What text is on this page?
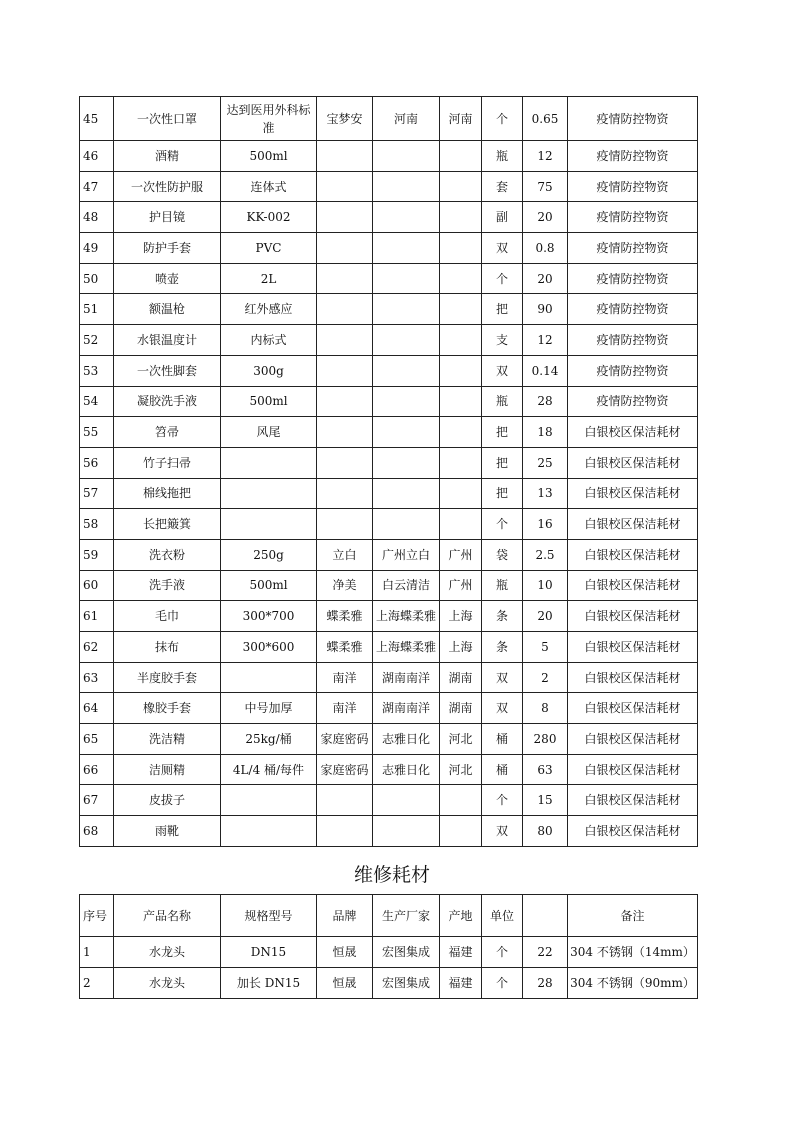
45	一次性口罩	达到医用外科标准	宝梦安	河南	河南	个	0.65	疫情防控物资
46	酒精	500ml				瓶	12	疫情防控物资
47	一次性防护服	连体式				套	75	疫情防控物资
48	护目镜	KK-002				副	20	疫情防控物资
49	防护手套	PVC				双	0.8	疫情防控物资
50	喷壶	2L				个	20	疫情防控物资
51	额温枪	红外感应				把	90	疫情防控物资
52	水银温度计	内标式				支	12	疫情防控物资
53	一次性脚套	300g				双	0.14	疫情防控物资
54	凝胶洗手液	500ml				瓶	28	疫情防控物资
55	笤帚	风尾				把	18	白银校区保洁耗材
56	竹子扫帚					把	25	白银校区保洁耗材
57	棉线拖把					把	13	白银校区保洁耗材
58	长把簸箕					个	16	白银校区保洁耗材
59	洗衣粉	250g	立白	广州立白	广州	袋	2.5	白银校区保洁耗材
60	洗手液	500ml	净美	白云清洁	广州	瓶	10	白银校区保洁耗材
61	毛巾	300*700	蝶柔雅	上海蝶柔雅	上海	条	20	白银校区保洁耗材
62	抹布	300*600	蝶柔雅	上海蝶柔雅	上海	条	5	白银校区保洁耗材
63	半度胶手套		南洋	湖南南洋	湖南	双	2	白银校区保洁耗材
64	橡胶手套	中号加厚	南洋	湖南南洋	湖南	双	8	白银校区保洁耗材
65	洗洁精	25kg/桶	家庭密码	志雅日化	河北	桶	280	白银校区保洁耗材
66	洁厕精	4L/4 桶/每件	家庭密码	志雅日化	河北	桶	63	白银校区保洁耗材
67	皮拔子					个	15	白银校区保洁耗材
68	雨靴					双	80	白银校区保洁耗材
维修耗材
序号	产品名称	规格型号	品牌	生产厂家	产地	单位		备注
1	水龙头	DN15	恒晟	宏图集成	福建	个	22	304 不锈钢（14mm）
2	水龙头	加长 DN15	恒晟	宏图集成	福建	个	28	304 不锈钢（90mm）
